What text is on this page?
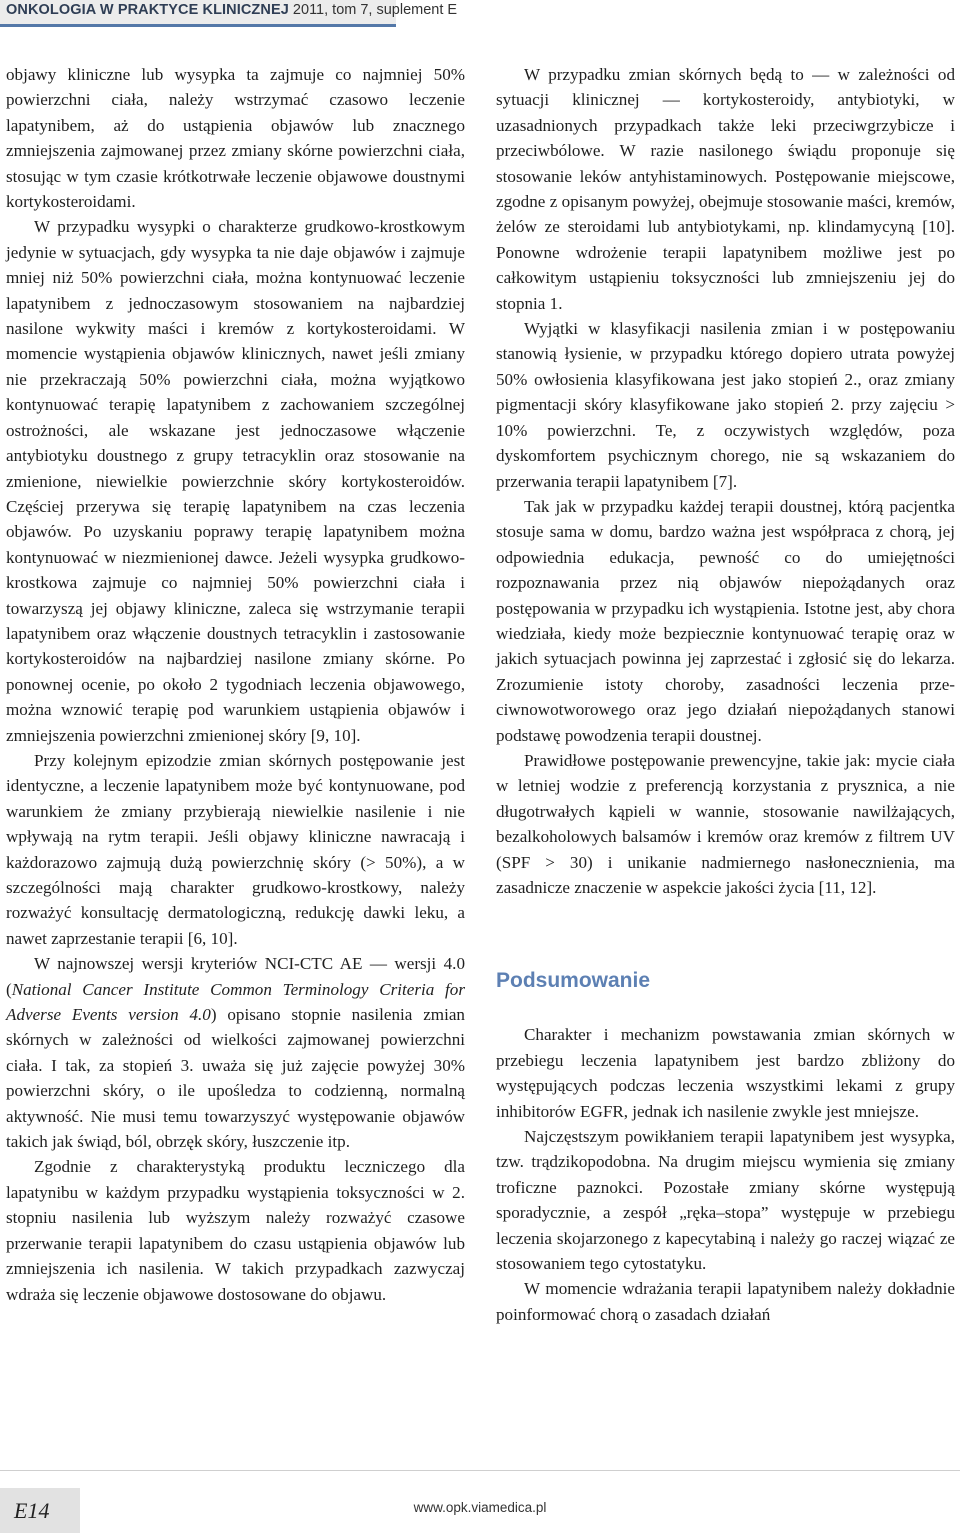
ONKOLOGIA W PRAKTYCE KLINICZNEJ 2011, tom 7, suplement E

objawy kliniczne lub wysypka ta zajmuje co najmniej 50% powierzchni ciała, należy wstrzymać czasowo leczenie lapatynibem, aż do ustąpienia objawów lub znacznego zmniejszenia zajmowanej przez zmiany skórne powierzchni ciała, stosując w tym czasie krótkotrwałe leczenie objawowe doustnymi kortykosteroidami.

W przypadku wysypki o charakterze grudkowo-krostkowym jedynie w sytuacjach, gdy wysypka ta nie daje objawów i zajmuje mniej niż 50% powierzchni ciała, można kontynuować leczenie lapatynibem z jednoczasowym stosowaniem na najbardziej nasilone wykwity maści i kremów z kortykosteroidami. W momencie wystąpienia objawów klinicznych, nawet jeśli zmiany nie przekraczają 50% powierzchni ciała, można wyjątkowo kontynuować terapię lapatynibem z zachowaniem szczególnej ostrożności, ale wskazane jest jednoczasowe włączenie antybiotyku doustnego z grupy tetracyklin oraz stosowanie na zmienione, niewielkie powierzchnie skóry kortykosteroidów. Częściej przerywa się terapię lapatynibem na czas leczenia objawów. Po uzyskaniu poprawy terapię lapatynibem można kontynuować w niezmienionej dawce. Jeżeli wysypka grudkowo-krostkowa zajmuje co najmniej 50% powierzchni ciała i towarzyszą jej objawy kliniczne, zaleca się wstrzymanie terapii lapatynibem oraz włączenie doustnych tetracyklin i zastosowanie kortykosteroidów na najbardziej nasilone zmiany skórne. Po ponownej ocenie, po około 2 tygodniach leczenia objawowego, można wznowić terapię pod warunkiem ustąpienia objawów i zmniejszenia powierzchni zmienionej skóry [9, 10].

Przy kolejnym epizodzie zmian skórnych postępowanie jest identyczne, a leczenie lapatynibem może być kontynuowane, pod warunkiem że zmiany przybierają niewielkie nasilenie i nie wpływają na rytm terapii. Jeśli objawy kliniczne nawracają i każdorazowo zajmują dużą powierzchnię skóry (> 50%), a w szczególności mają charakter grudkowo-krostkowy, należy rozważyć konsultację dermatologiczną, redukcję dawki leku, a nawet zaprzestanie terapii [6, 10].

W najnowszej wersji kryteriów NCI-CTC AE — wersji 4.0 (National Cancer Institute Common Terminology Criteria for Adverse Events version 4.0) opisano stopnie nasilenia zmian skórnych w zależności od wielkości zajmowanej powierzchni ciała. I tak, za stopień 3. uważa się już zajęcie powyżej 30% powierzchni skóry, o ile upośledza to codzienną, normalną aktywność. Nie musi temu towarzyszyć występowanie objawów takich jak świąd, ból, obrzęk skóry, łuszczenie itp.

Zgodnie z charakterystyką produktu leczniczego dla lapatynibu w każdym przypadku wystąpienia toksyczności w 2. stopniu nasilenia lub wyższym należy rozważyć czasowe przerwanie terapii lapatynibem do czasu ustąpienia objawów lub zmniejszenia ich nasilenia. W takich przypadkach zazwyczaj wdraża się leczenie objawowe dostosowane do objawu.

W przypadku zmian skórnych będą to — w zależności od sytuacji klinicznej — kortykosteroidy, antybiotyki, w uzasadnionych przypadkach także leki przeciwgrzybicze i przeciwbólowe. W razie nasilonego świądu proponuje się stosowanie leków antyhistaminowych. Postępowanie miejscowe, zgodne z opisanym powyżej, obejmuje stosowanie maści, kremów, żelów ze steroidami lub antybiotykami, np. klindamycyną [10]. Ponowne wdrożenie terapii lapatynibem możliwe jest po całkowitym ustąpieniu toksyczności lub zmniejszeniu jej do stopnia 1.

Wyjątki w klasyfikacji nasilenia zmian i w postępowaniu stanowią łysienie, w przypadku którego dopiero utrata powyżej 50% owłosienia klasyfikowana jest jako stopień 2., oraz zmiany pigmentacji skóry klasyfikowane jako stopień 2. przy zajęciu > 10% powierzchni. Te, z oczywistych względów, poza dyskomfortem psychicznym chorego, nie są wskazaniem do przerwania terapii lapatynibem [7].

Tak jak w przypadku każdej terapii doustnej, którą pacjentka stosuje sama w domu, bardzo ważna jest współpraca z chorą, jej odpowiednia edukacja, pewność co do umiejętności rozpoznawania przez nią objawów niepożądanych oraz postępowania w przypadku ich wystąpienia. Istotne jest, aby chora wiedziała, kiedy może bezpiecznie kontynuować terapię oraz w jakich sytuacjach powinna jej zaprzestać i zgłosić się do lekarza. Zrozumienie istoty choroby, zasadności leczenia przeciwnowotworowego oraz jego działań niepożądanych stanowi podstawę powodzenia terapii doustnej.

Prawidłowe postępowanie prewencyjne, takie jak: mycie ciała w letniej wodzie z preferencją korzystania z prysznica, a nie długotrwałych kąpieli w wannie, stosowanie nawilżających, bezalkoholowych balsamów i kremów oraz kremów z filtrem UV (SPF > 30) i unikanie nadmiernego nasłonecznienia, ma zasadnicze znaczenie w aspekcie jakości życia [11, 12].

Podsumowanie

Charakter i mechanizm powstawania zmian skórnych w przebiegu leczenia lapatynibem jest bardzo zbliżony do występujących podczas leczenia wszystkimi lekami z grupy inhibitorów EGFR, jednak ich nasilenie zwykle jest mniejsze.

Najczęstszym powikłaniem terapii lapatynibem jest wysypka, tzw. trądzikopodobna. Na drugim miejscu wymienia się zmiany troficzne paznokci. Pozostałe zmiany skórne występują sporadycznie, a zespół „ręka–stopa” występuje w przebiegu leczenia skojarzonego z kapecytabiną i należy go raczej wiązać ze stosowaniem tego cytostatyku.

W momencie wdrażania terapii lapatynibem należy dokładnie poinformować chorą o zasadach działań

E14	www.opk.viamedica.pl
